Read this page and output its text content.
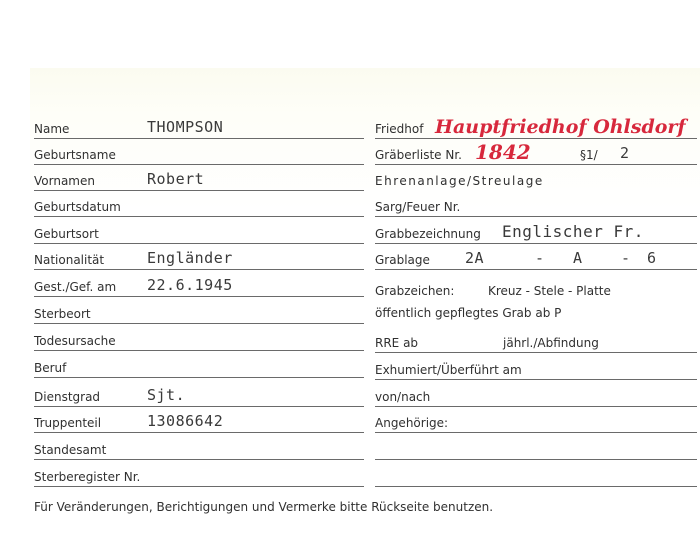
Name	THOMPSON
Geburtsname
Vornamen	Robert
Geburtsdatum
Geburtsort
Nationalität	Engländer
Gest./Gef. am 22.6.1945
Sterbeort
Todesursache
Beruf
Dienstgrad	Sjt.
Truppenteil	13086642
Standesamt
Sterberegister Nr.
Friedhof Hauptfriedhof Ohlsdorf
Gräberliste Nr. 1842	§1/ 2
Ehrenanlage/Streulage
Sarg/Feuer Nr.
Grabbezeichnung Englischer Fr.
Grablage 2A	- A	- 6
Grabzeichen:	Kreuz - Stele - Platte
öffentlich gepflegtes Grab ab P
RRE ab	jährl./Abfindung
Exhumiert/Überführt am
von/nach
Angehörige:
Für Veränderungen, Berichtigungen und Vermerke bitte Rückseite benutzen.
